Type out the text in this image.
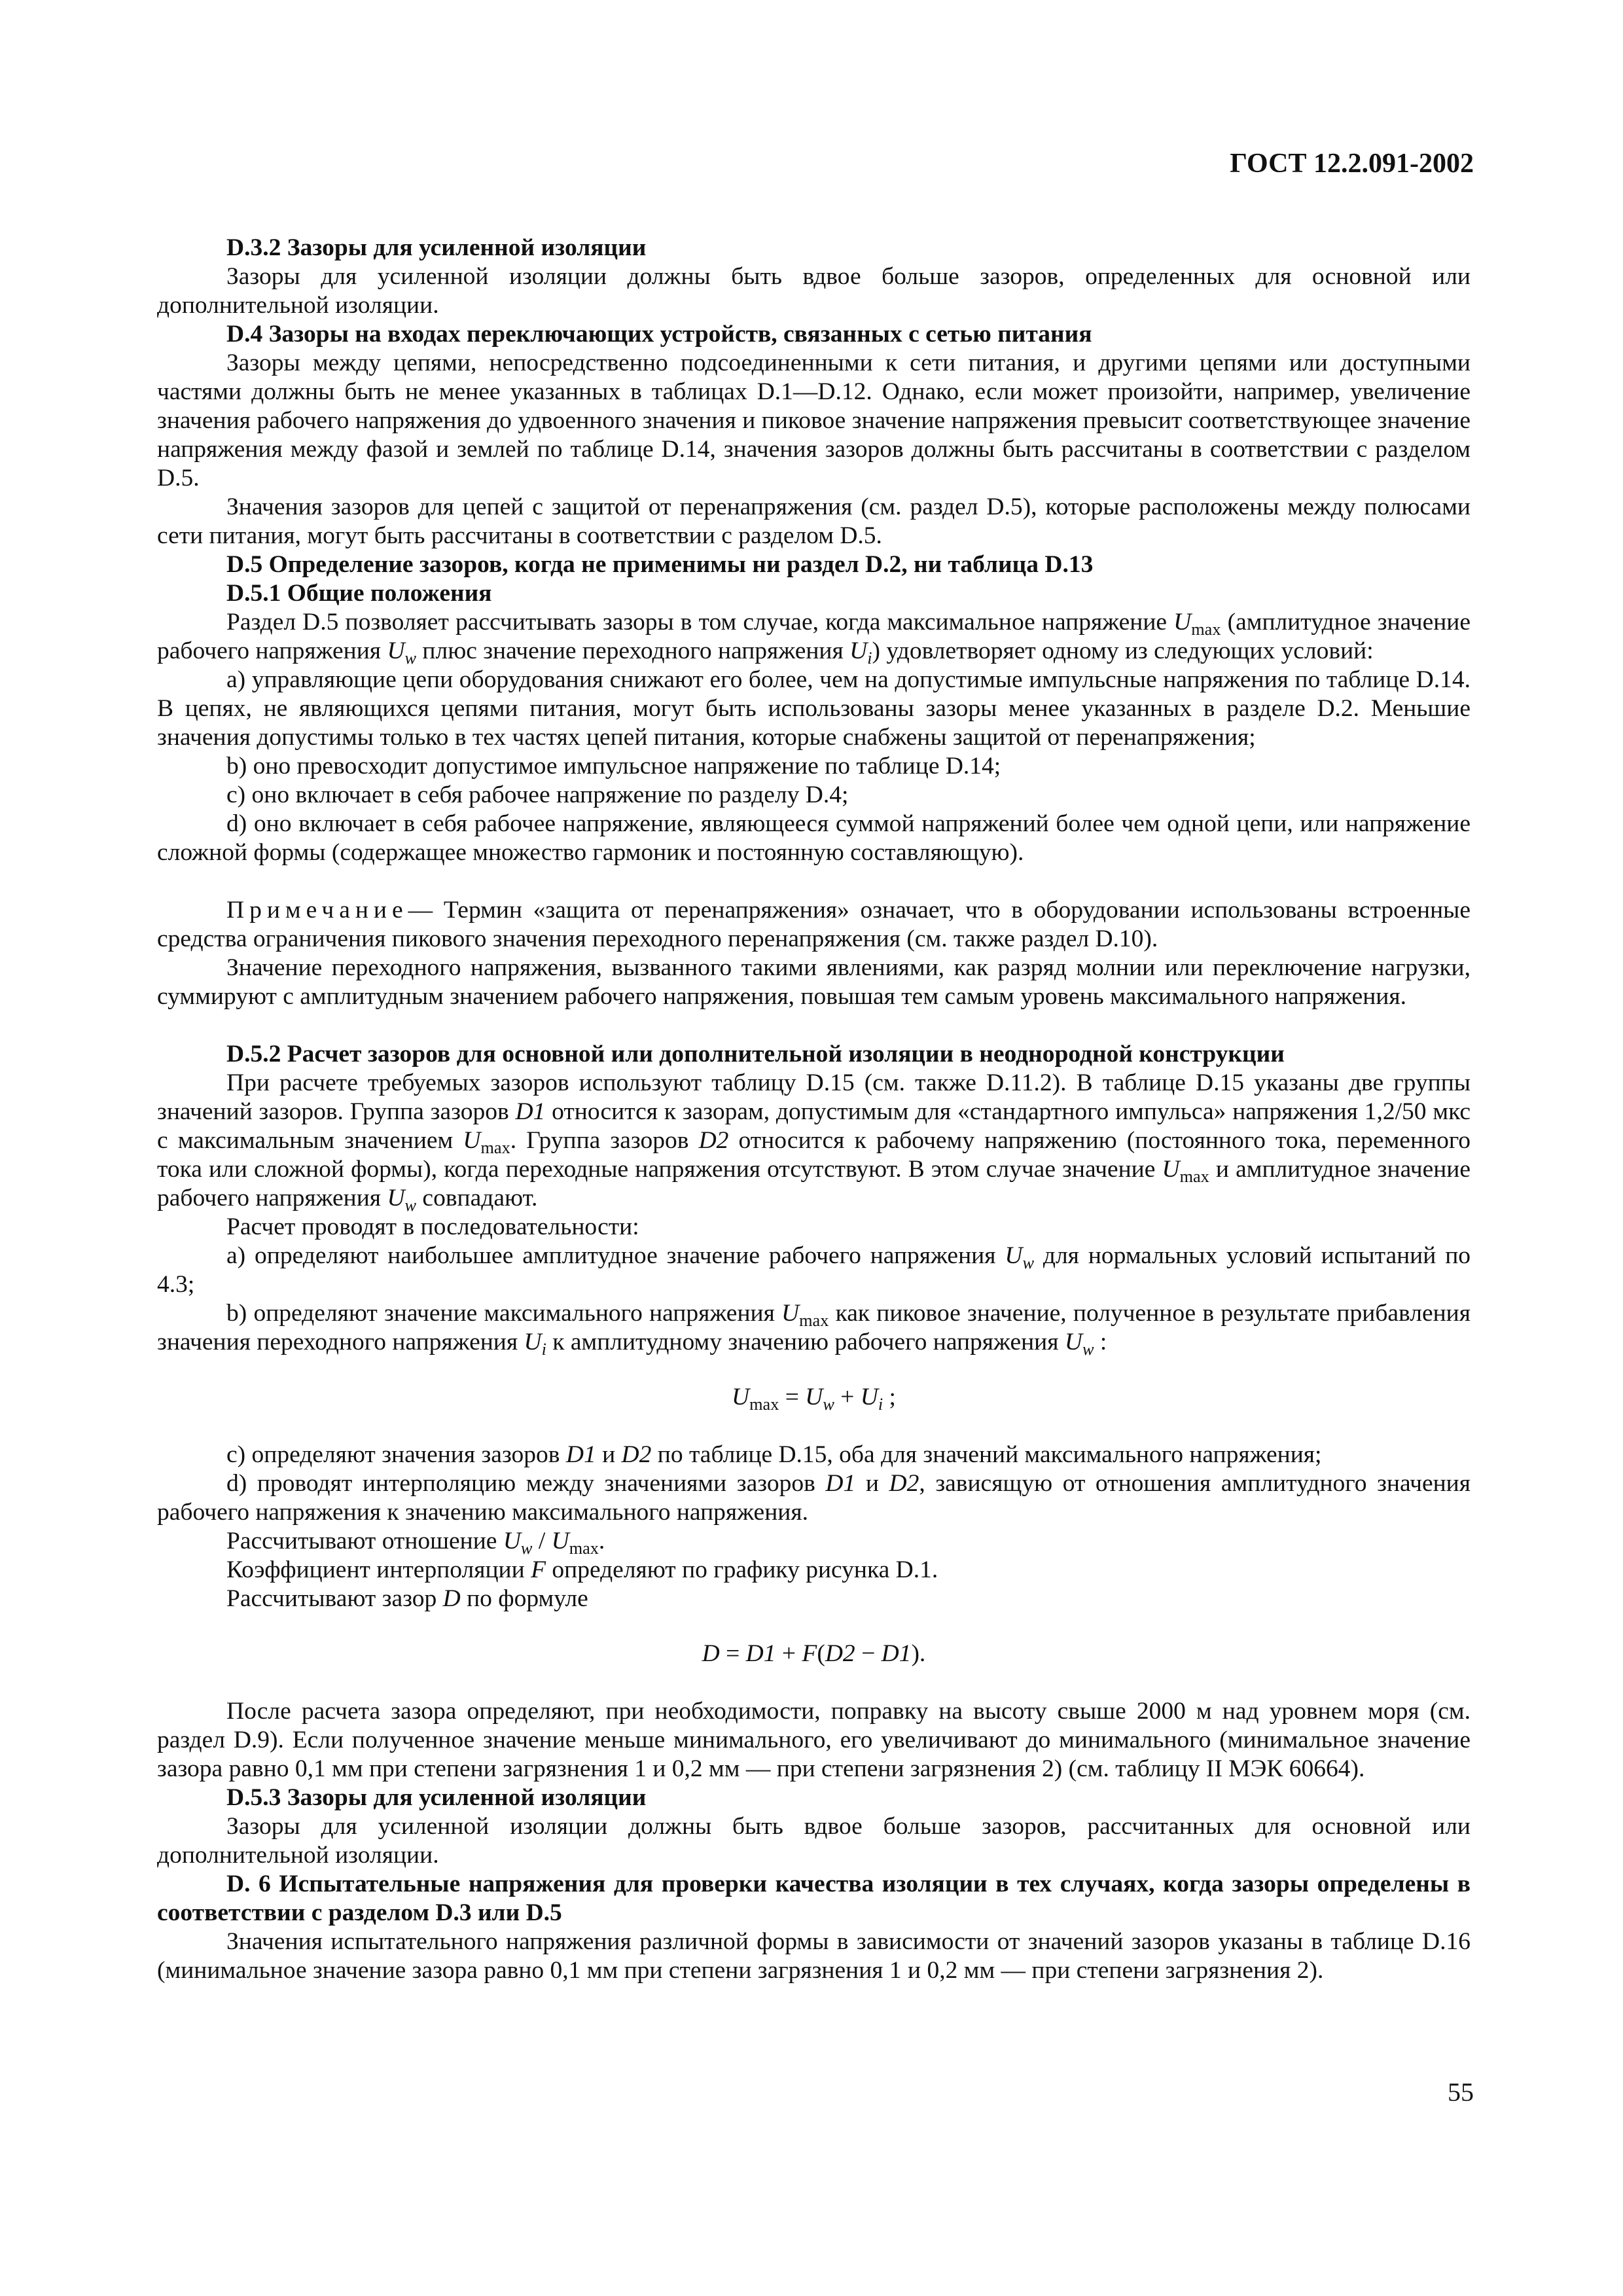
ГОСТ 12.2.091-2002

D.3.2 Зазоры для усиленной изоляции

Зазоры для усиленной изоляции должны быть вдвое больше зазоров, определенных для основной или дополнительной изоляции.

D.4 Зазоры на входах переключающих устройств, связанных с сетью питания

Зазоры между цепями, непосредственно подсоединенными к сети питания, и другими цепями или доступными частями должны быть не менее указанных в таблицах D.1—D.12. Однако, если может произойти, например, увеличение значения рабочего напряжения до удвоенного значения и пиковое значение напряжения превысит соответствующее значение напряжения между фазой и землей по таблице D.14, значения зазоров должны быть рассчитаны в соответствии с разделом D.5.

Значения зазоров для цепей с защитой от перенапряжения (см. раздел D.5), которые расположены между полюсами сети питания, могут быть рассчитаны в соответствии с разделом D.5.

D.5 Определение зазоров, когда не применимы ни раздел D.2, ни таблица D.13

D.5.1 Общие положения

Раздел D.5 позволяет рассчитывать зазоры в том случае, когда максимальное напряжение $U_{max}$ (амплитудное значение рабочего напряжения $U_w$ плюс значение переходного напряжения $U_i$) удовлетворяет одному из следующих условий:

a) управляющие цепи оборудования снижают его более, чем на допустимые импульсные напряжения по таблице D.14. В цепях, не являющихся цепями питания, могут быть использованы зазоры менее указанных в разделе D.2. Меньшие значения допустимы только в тех частях цепей питания, которые снабжены защитой от перенапряжения;

b) оно превосходит допустимое импульсное напряжение по таблице D.14;

c) оно включает в себя рабочее напряжение по разделу D.4;

d) оно включает в себя рабочее напряжение, являющееся суммой напряжений более чем одной цепи, или напряжение сложной формы (содержащее множество гармоник и постоянную составляющую).

Примечание— Термин «защита от перенапряжения» означает, что в оборудовании использованы встроенные средства ограничения пикового значения переходного перенапряжения (см. также раздел D.10).

Значение переходного напряжения, вызванного такими явлениями, как разряд молнии или переключение нагрузки, суммируют с амплитудным значением рабочего напряжения, повышая тем самым уровень максимального напряжения.

D.5.2 Расчет зазоров для основной или дополнительной изоляции в неоднородной конструкции

При расчете требуемых зазоров используют таблицу D.15 (см. также D.11.2). В таблице D.15 указаны две группы значений зазоров. Группа зазоров D1 относится к зазорам, допустимым для «стандартного импульса» напряжения 1,2/50 мкс с максимальным значением $U_{max}$. Группа зазоров D2 относится к рабочему напряжению (постоянного тока, переменного тока или сложной формы), когда переходные напряжения отсутствуют. В этом случае значение $U_{max}$ и амплитудное значение рабочего напряжения $U_w$ совпадают.

Расчет проводят в последовательности:

a) определяют наибольшее амплитудное значение рабочего напряжения $U_w$ для нормальных условий испытаний по 4.3;

b) определяют значение максимального напряжения $U_{max}$ как пиковое значение, полученное в результате прибавления значения переходного напряжения $U_i$ к амплитудному значению рабочего напряжения $U_w$ :

$U_{max} = U_w + U_i$ ;

c) определяют значения зазоров D1 и D2 по таблице D.15, оба для значений максимального напряжения;

d) проводят интерполяцию между значениями зазоров D1 и D2, зависящую от отношения амплитудного значения рабочего напряжения к значению максимального напряжения.

Рассчитывают отношение $U_w / U_{max}$.

Коэффициент интерполяции F определяют по графику рисунка D.1.

Рассчитывают зазор D по формуле

D = D1 + F(D2 − D1).

После расчета зазора определяют, при необходимости, поправку на высоту свыше 2000 м над уровнем моря (см. раздел D.9). Если полученное значение меньше минимального, его увеличивают до минимального (минимальное значение зазора равно 0,1 мм при степени загрязнения 1 и 0,2 мм — при степени загрязнения 2) (см. таблицу II МЭК 60664).

D.5.3 Зазоры для усиленной изоляции

Зазоры для усиленной изоляции должны быть вдвое больше зазоров, рассчитанных для основной или дополнительной изоляции.

D. 6 Испытательные напряжения для проверки качества изоляции в тех случаях, когда зазоры определены в соответствии с разделом D.3 или D.5

Значения испытательного напряжения различной формы в зависимости от значений зазоров указаны в таблице D.16 (минимальное значение зазора равно 0,1 мм при степени загрязнения 1 и 0,2 мм — при степени загрязнения 2).

55
